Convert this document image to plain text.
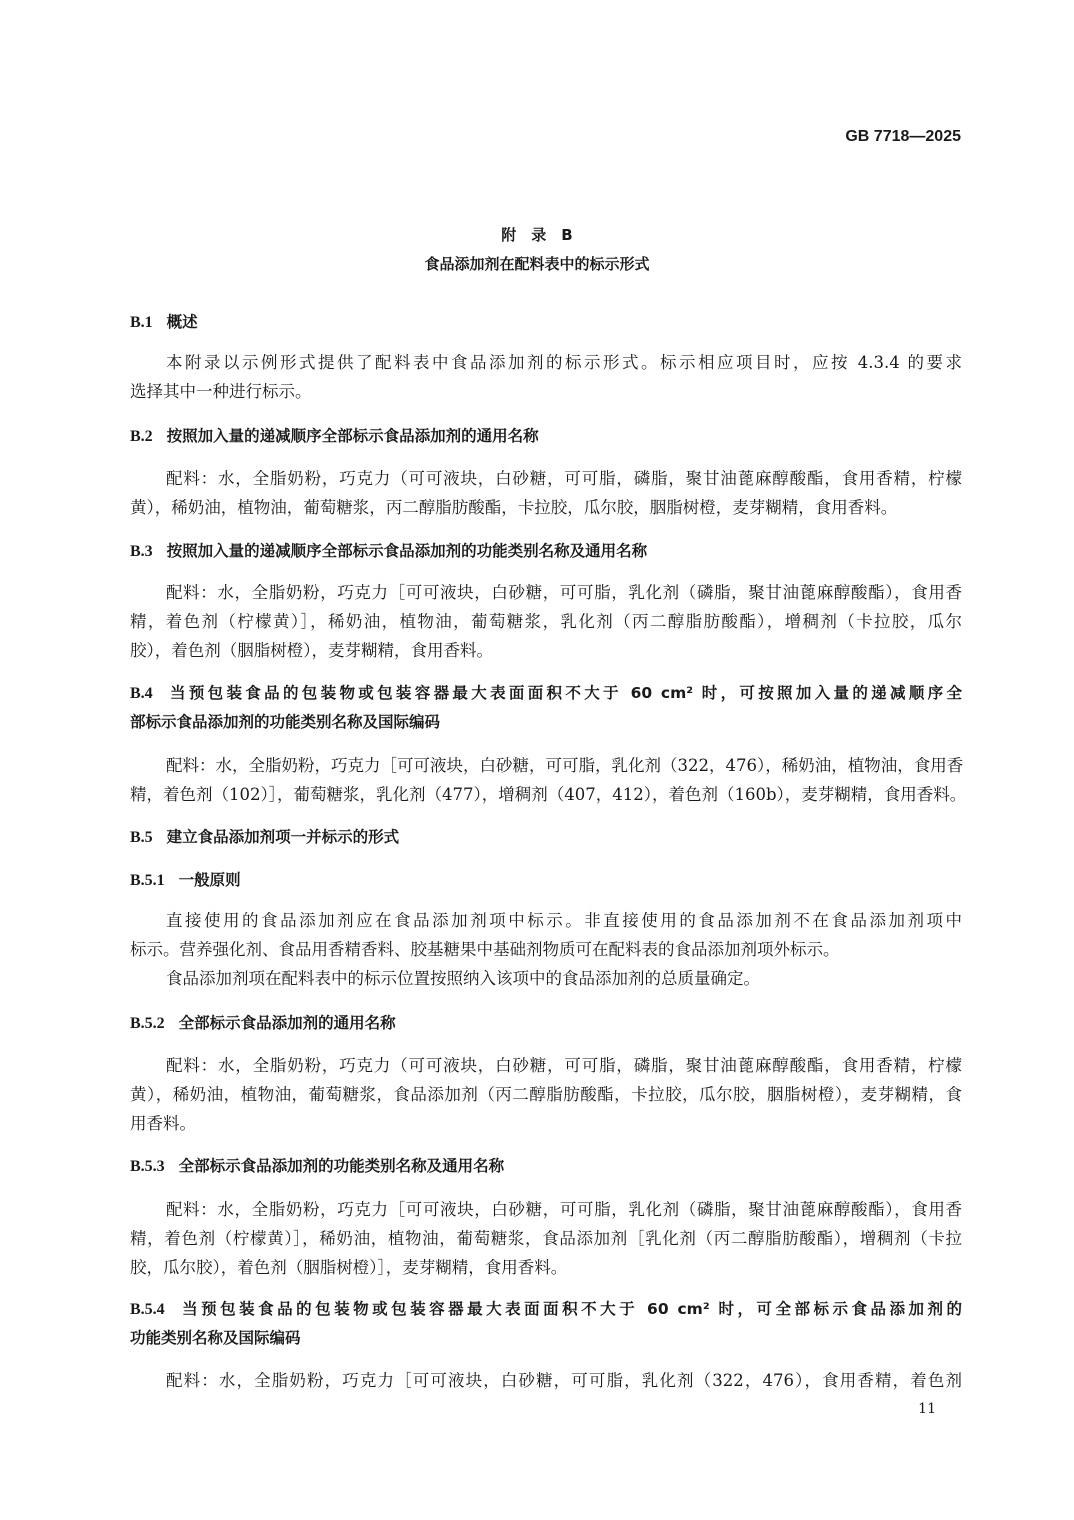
GB 7718—2025
附　录　B
食品添加剂在配料表中的标示形式
B.1 概述
本附录以示例形式提供了配料表中食品添加剂的标示形式。标示相应项目时，应按 4.3.4 的要求
选择其中一种进行标示。
B.2 按照加入量的递减顺序全部标示食品添加剂的通用名称
配料：水，全脂奶粉，巧克力（可可液块，白砂糖，可可脂，磷脂，聚甘油蓖麻醇酸酯，食用香精，柠檬
黄），稀奶油，植物油，葡萄糖浆，丙二醇脂肪酸酯，卡拉胶，瓜尔胶，胭脂树橙，麦芽糊精，食用香料。
B.3 按照加入量的递减顺序全部标示食品添加剂的功能类别名称及通用名称
配料：水，全脂奶粉，巧克力［可可液块，白砂糖，可可脂，乳化剂（磷脂，聚甘油蓖麻醇酸酯），食用香
精，着色剂（柠檬黄）］，稀奶油，植物油，葡萄糖浆，乳化剂（丙二醇脂肪酸酯），增稠剂（卡拉胶，瓜尔
胶），着色剂（胭脂树橙），麦芽糊精，食用香料。
B.4 当预包装食品的包装物或包装容器最大表面面积不大于 60 cm² 时，可按照加入量的递减顺序全
部标示食品添加剂的功能类别名称及国际编码
配料：水，全脂奶粉，巧克力［可可液块，白砂糖，可可脂，乳化剂（322，476），稀奶油，植物油，食用香
精，着色剂（102）］，葡萄糖浆，乳化剂（477），增稠剂（407，412），着色剂（160b），麦芽糊精，食用香料。
B.5 建立食品添加剂项一并标示的形式
B.5.1 一般原则
直接使用的食品添加剂应在食品添加剂项中标示。非直接使用的食品添加剂不在食品添加剂项中
标示。营养强化剂、食品用香精香料、胶基糖果中基础剂物质可在配料表的食品添加剂项外标示。
食品添加剂项在配料表中的标示位置按照纳入该项中的食品添加剂的总质量确定。
B.5.2 全部标示食品添加剂的通用名称
配料：水，全脂奶粉，巧克力（可可液块，白砂糖，可可脂，磷脂，聚甘油蓖麻醇酸酯，食用香精，柠檬
黄），稀奶油，植物油，葡萄糖浆，食品添加剂（丙二醇脂肪酸酯，卡拉胶，瓜尔胶，胭脂树橙），麦芽糊精，食
用香料。
B.5.3 全部标示食品添加剂的功能类别名称及通用名称
配料：水，全脂奶粉，巧克力［可可液块，白砂糖，可可脂，乳化剂（磷脂，聚甘油蓖麻醇酸酯），食用香
精，着色剂（柠檬黄）］，稀奶油，植物油，葡萄糖浆，食品添加剂［乳化剂（丙二醇脂肪酸酯），增稠剂（卡拉
胶，瓜尔胶），着色剂（胭脂树橙）］，麦芽糊精，食用香料。
B.5.4 当预包装食品的包装物或包装容器最大表面面积不大于 60 cm² 时，可全部标示食品添加剂的
功能类别名称及国际编码
配料：水，全脂奶粉，巧克力［可可液块，白砂糖，可可脂，乳化剂（322，476），食用香精，着色剂
11
